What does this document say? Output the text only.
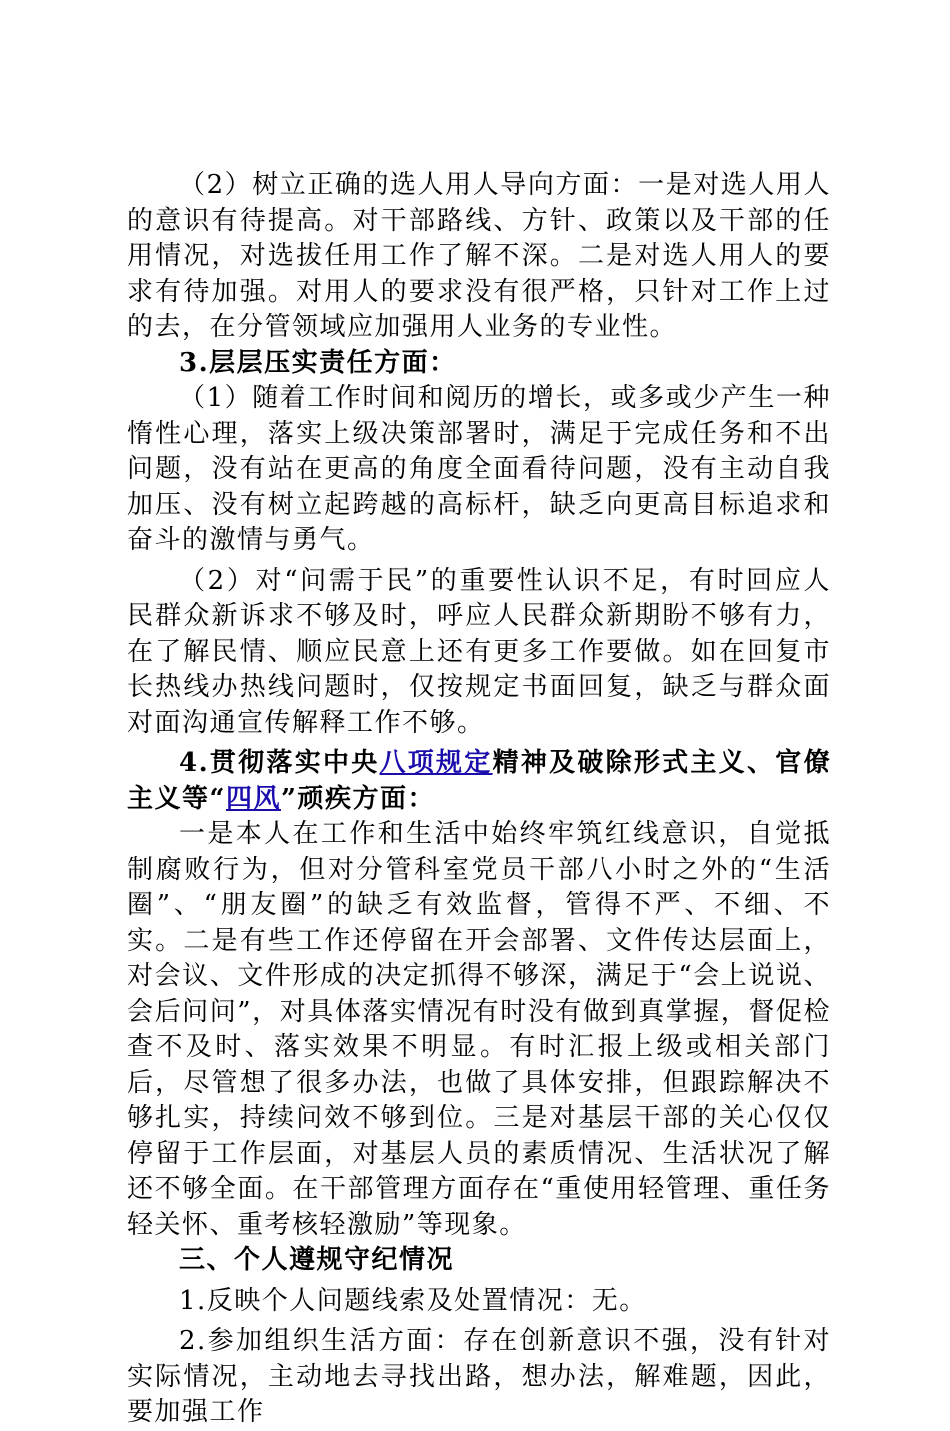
（2）树立正确的选人用人导向方面：一是对选人用人的意识有待提高。对干部路线、方针、政策以及干部的任用情况，对选拔任用工作了解不深。二是对选人用人的要求有待加强。对用人的要求没有很严格，只针对工作上过的去，在分管领域应加强用人业务的专业性。

3.层层压实责任方面：

（1）随着工作时间和阅历的增长，或多或少产生一种惰性心理，落实上级决策部署时，满足于完成任务和不出问题，没有站在更高的角度全面看待问题，没有主动自我加压、没有树立起跨越的高标杆，缺乏向更高目标追求和奋斗的激情与勇气。

（2）对“问需于民”的重要性认识不足，有时回应人民群众新诉求不够及时，呼应人民群众新期盼不够有力，在了解民情、顺应民意上还有更多工作要做。如在回复市长热线办热线问题时，仅按规定书面回复，缺乏与群众面对面沟通宣传解释工作不够。

4.贯彻落实中央八项规定精神及破除形式主义、官僚主义等“四风”顽疾方面：

一是本人在工作和生活中始终牢筑红线意识，自觉抵制腐败行为，但对分管科室党员干部八小时之外的“生活圈”、“朋友圈”的缺乏有效监督，管得不严、不细、不实。二是有些工作还停留在开会部署、文件传达层面上，对会议、文件形成的决定抓得不够深，满足于“会上说说、会后问问”，对具体落实情况有时没有做到真掌握，督促检查不及时、落实效果不明显。有时汇报上级或相关部门后，尽管想了很多办法，也做了具体安排，但跟踪解决不够扎实，持续问效不够到位。三是对基层干部的关心仅仅停留于工作层面，对基层人员的素质情况、生活状况了解还不够全面。在干部管理方面存在“重使用轻管理、重任务轻关怀、重考核轻激励”等现象。

三、个人遵规守纪情况

1.反映个人问题线索及处置情况：无。

2.参加组织生活方面：存在创新意识不强，没有针对实际情况，主动地去寻找出路，想办法，解难题，因此，要加强工作
